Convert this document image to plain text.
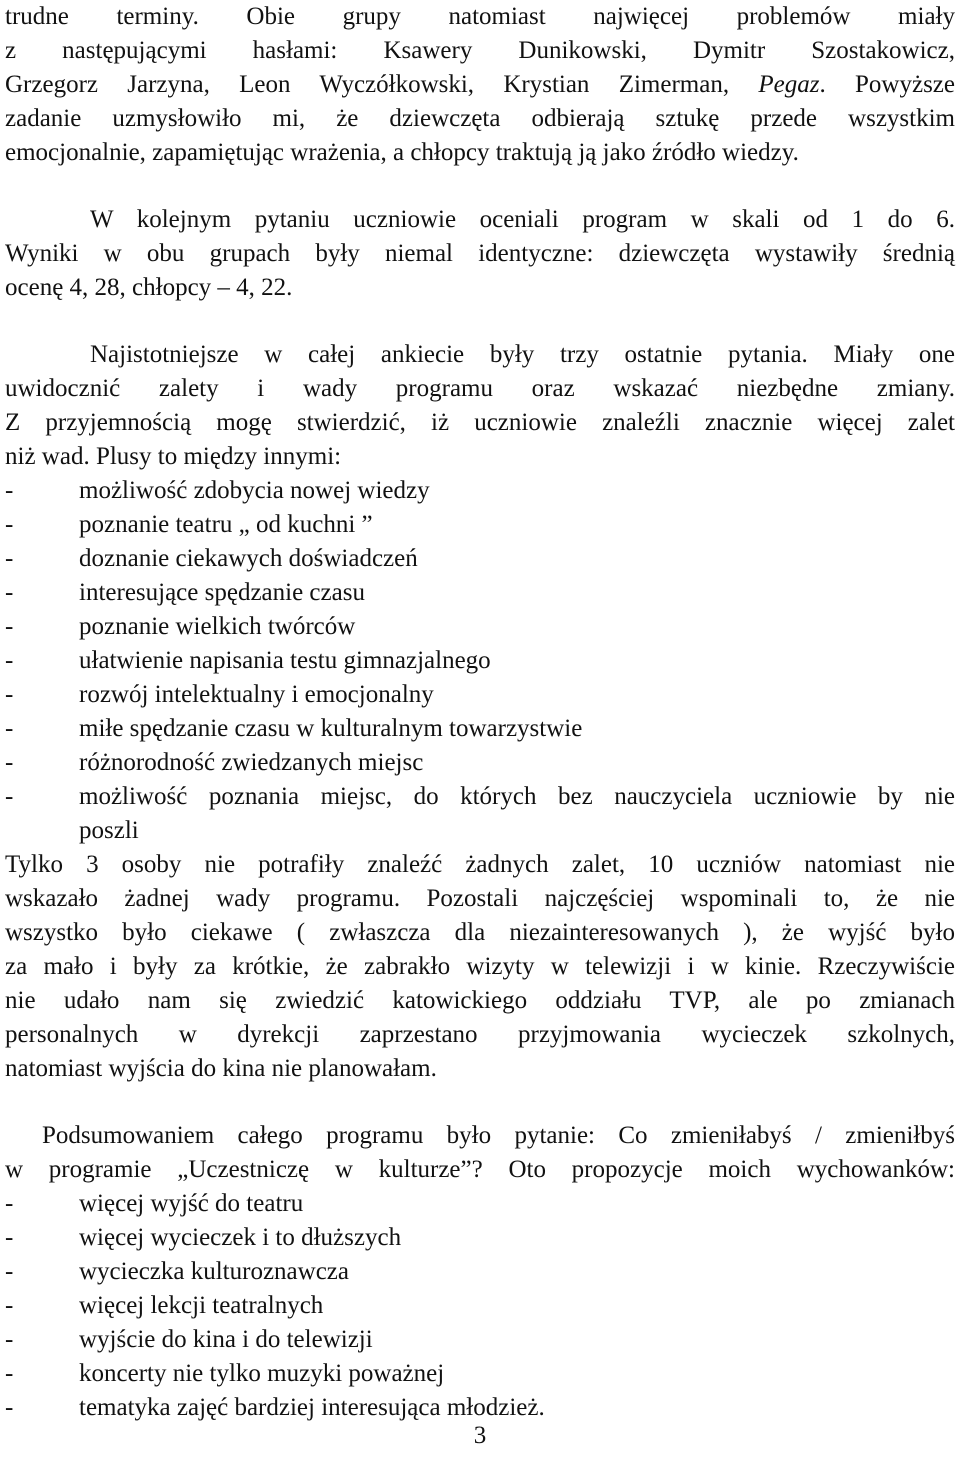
trudne terminy. Obie grupy natomiast najwięcej problemów miały
z następującymi hasłami: Ksawery Dunikowski, Dymitr Szostakowicz,
Grzegorz Jarzyna, Leon Wyczółkowski, Krystian Zimerman, Pegaz. Powyższe
zadanie uzmysłowiło mi, że dziewczęta odbierają sztukę przede wszystkim
emocjonalnie, zapamiętując wrażenia, a chłopcy traktują ją jako źródło wiedzy.
W kolejnym pytaniu uczniowie oceniali program w skali od 1 do 6.
Wyniki w obu grupach były niemal identyczne: dziewczęta wystawiły średnią
ocenę 4, 28, chłopcy – 4, 22.
Najistotniejsze w całej ankiecie były trzy ostatnie pytania. Miały one
uwidocznić zalety i wady programu oraz wskazać niezbędne zmiany.
Z przyjemnością mogę stwierdzić, iż uczniowie znaleźli znacznie więcej zalet
niż wad. Plusy to między innymi:
-	możliwość zdobycia nowej wiedzy
-	poznanie teatru „ od kuchni ”
-	doznanie ciekawych doświadczeń
-	interesujące spędzanie czasu
-	poznanie wielkich twórców
-	ułatwienie napisania testu gimnazjalnego
-	rozwój intelektualny i emocjonalny
-	miłe spędzanie czasu w kulturalnym towarzystwie
-	różnorodność zwiedzanych miejsc
-	możliwość poznania miejsc, do których bez nauczyciela uczniowie by nie
poszli
Tylko 3 osoby nie potrafiły znaleźć żadnych zalet, 10 uczniów natomiast nie
wskazało żadnej wady programu. Pozostali najczęściej wspominali to, że nie
wszystko było ciekawe ( zwłaszcza dla niezainteresowanych ), że wyjść było
za mało i były za krótkie, że zabrakło wizyty w telewizji i w kinie. Rzeczywiście
nie udało nam się zwiedzić katowickiego oddziału TVP, ale po zmianach
personalnych w dyrekcji zaprzestano przyjmowania wycieczek szkolnych,
natomiast wyjścia do kina nie planowałam.
Podsumowaniem całego programu było pytanie: Co zmieniłabyś / zmieniłbyś
w programie „Uczestniczę w kulturze”? Oto propozycje moich wychowanków:
-	więcej wyjść do teatru
-	więcej wycieczek i to dłuższych
-	wycieczka kulturoznawcza
-	więcej lekcji teatralnych
-	wyjście do kina i do telewizji
-	koncerty nie tylko muzyki poważnej
-	tematyka zajęć bardziej interesująca młodzież.
3
